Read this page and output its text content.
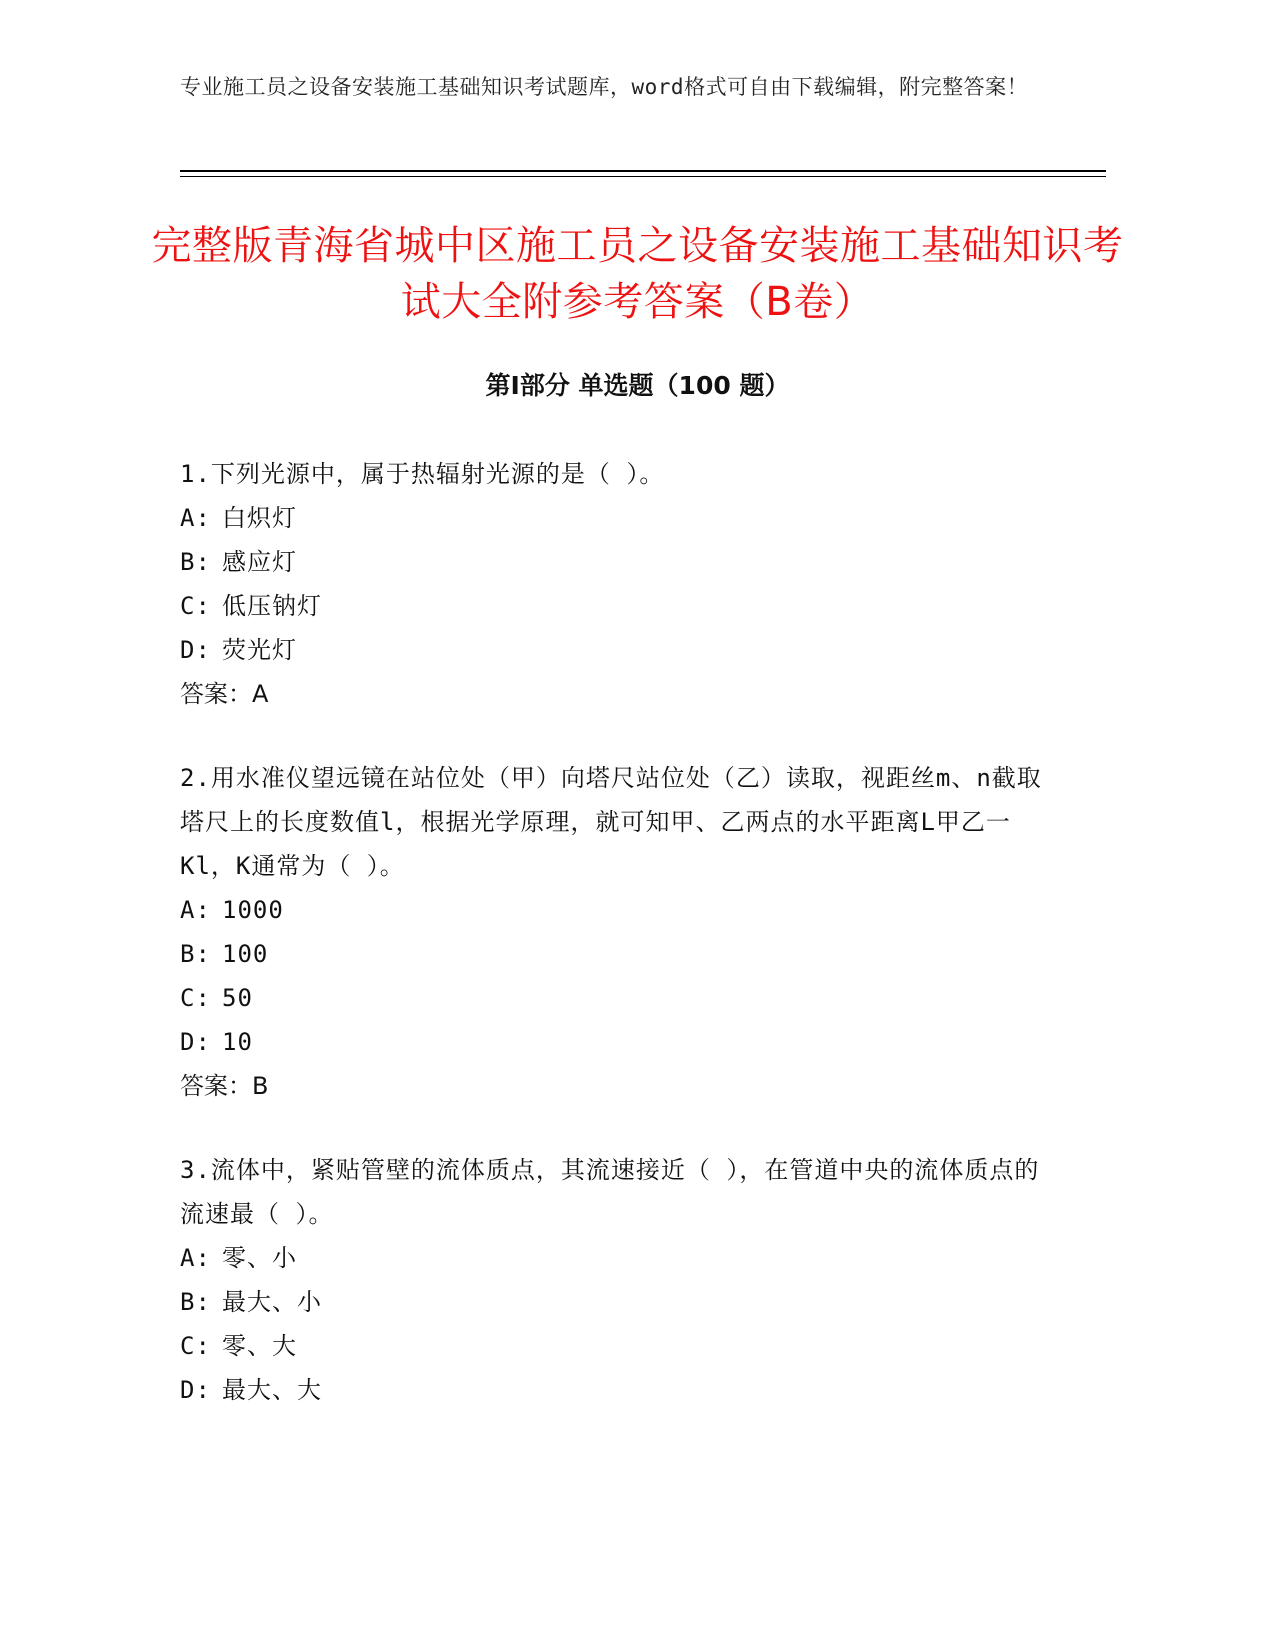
专业施工员之设备安装施工基础知识考试题库，word格式可自由下载编辑，附完整答案！
完整版青海省城中区施工员之设备安装施工基础知识考试大全附参考答案（B卷）
第Ⅰ部分 单选题（100 题）

1.下列光源中，属于热辐射光源的是（ ）。

A: 白炽灯
B: 感应灯
C: 低压钠灯
D: 荧光灯
答案：A

2.用水准仪望远镜在站位处（甲）向塔尺站位处（乙）读取，视距丝m、n截取塔尺上的长度数值l，根据光学原理，就可知甲、乙两点的水平距离L甲乙一Kl，K通常为（ ）。

A: 1000
B: 100
C: 50
D: 10
答案：B

3.流体中，紧贴管壁的流体质点，其流速接近（ ），在管道中央的流体质点的流速最（ ）。

A: 零、小
B: 最大、小
C: 零、大
D: 最大、大
